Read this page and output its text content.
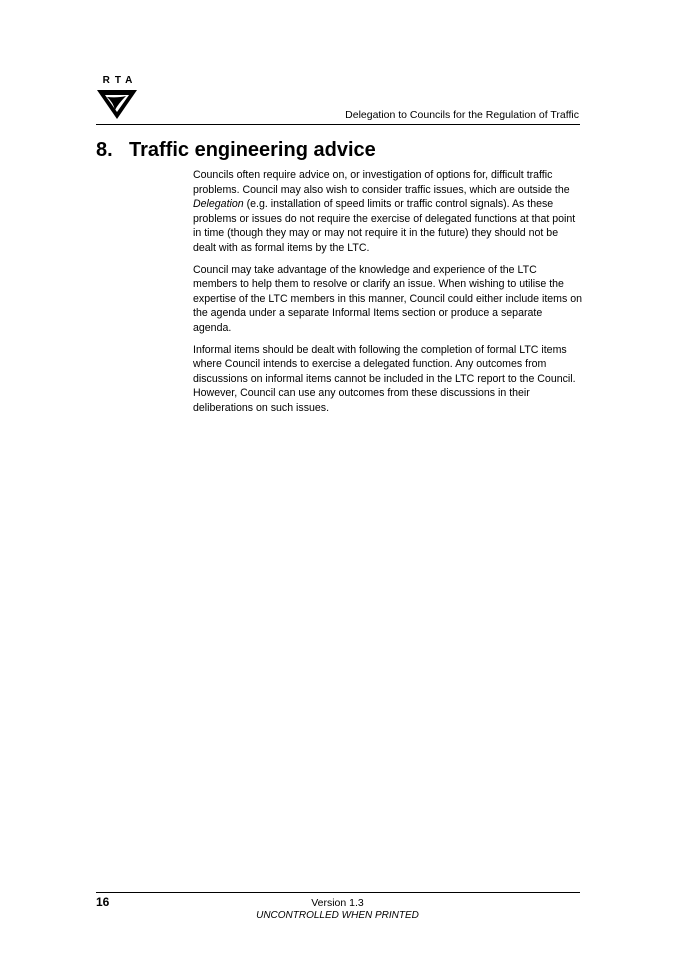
RTA
Delegation to Councils for the Regulation of Traffic
8. Traffic engineering advice

Councils often require advice on, or investigation of options for, difficult traffic problems. Council may also wish to consider traffic issues, which are outside the Delegation (e.g. installation of speed limits or traffic control signals). As these problems or issues do not require the exercise of delegated functions at that point in time (though they may or may not require it in the future) they should not be dealt with as formal items by the LTC.

Council may take advantage of the knowledge and experience of the LTC members to help them to resolve or clarify an issue. When wishing to utilise the expertise of the LTC members in this manner, Council could either include items on the agenda under a separate Informal Items section or produce a separate agenda.

Informal items should be dealt with following the completion of formal LTC items where Council intends to exercise a delegated function. Any outcomes from discussions on informal items cannot be included in the LTC report to the Council. However, Council can use any outcomes from these discussions in their deliberations on such issues.

16	Version 1.3
UNCONTROLLED WHEN PRINTED
